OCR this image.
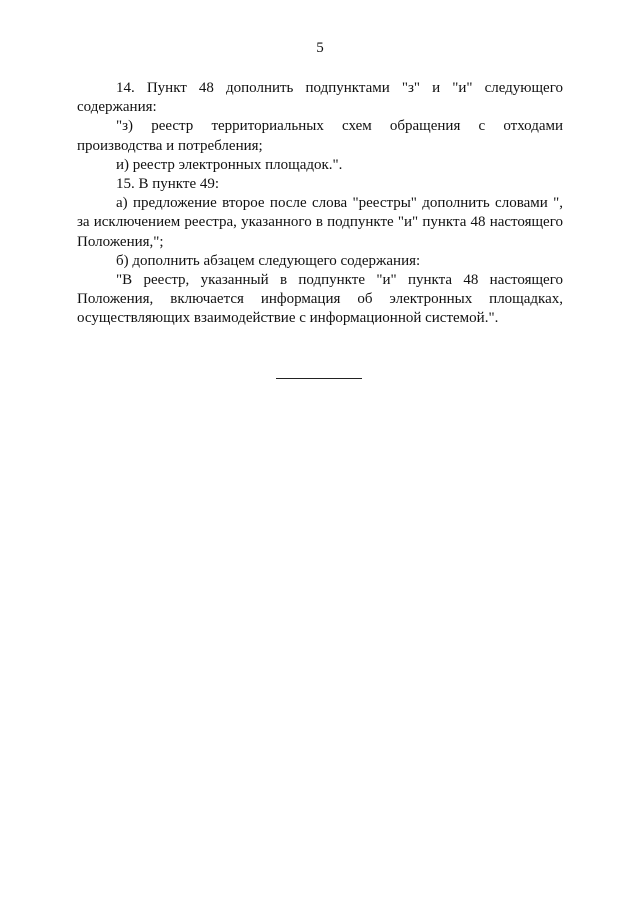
5

14. Пункт 48 дополнить подпунктами "з" и "и" следующего содержания:

"з) реестр территориальных схем обращения с отходами производства и потребления;

и) реестр электронных площадок.".

15. В пункте 49:

а) предложение второе после слова "реестры" дополнить словами ", за исключением реестра, указанного в подпункте "и" пункта 48 настоящего Положения,";

б) дополнить абзацем следующего содержания:

"В реестр, указанный в подпункте "и" пункта 48 настоящего Положения, включается информация об электронных площадках, осуществляющих взаимодействие с информационной системой.".
